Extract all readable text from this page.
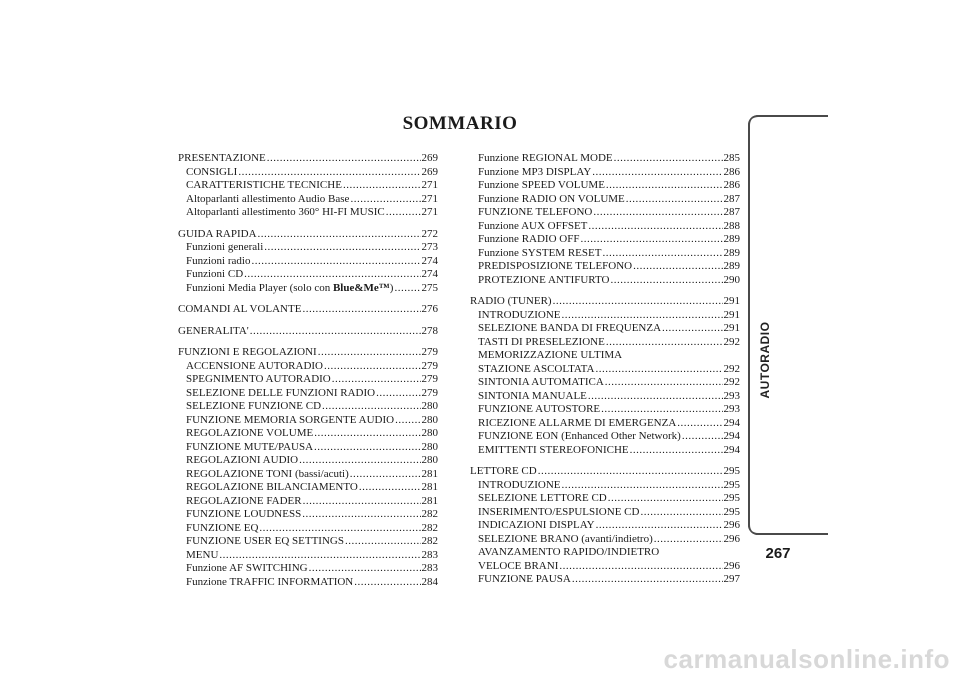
SOMMARIO
PRESENTAZIONE .....	269
CONSIGLI .....	269
CARATTERISTICHE TECNICHE .....	271
Altoparlanti allestimento Audio Base .....	271
Altoparlanti allestimento 360° HI-FI MUSIC .....	271
GUIDA RAPIDA .....	272
Funzioni generali .....	273
Funzioni radio .....	274
Funzioni CD .....	274
Funzioni Media Player (solo con Blue&Me™) .....	275
COMANDI AL VOLANTE .....	276
GENERALITA' .....	278
FUNZIONI E REGOLAZIONI .....	279
ACCENSIONE AUTORADIO .....	279
SPEGNIMENTO AUTORADIO .....	279
SELEZIONE DELLE FUNZIONI RADIO .....	279
SELEZIONE FUNZIONE CD .....	280
FUNZIONE MEMORIA SORGENTE AUDIO ..... 280
REGOLAZIONE VOLUME .....	280
FUNZIONE MUTE/PAUSA .....	280
REGOLAZIONI AUDIO .....	280
REGOLAZIONE TONI (bassi/acuti) .....	281
REGOLAZIONE BILANCIAMENTO .....	281
REGOLAZIONE FADER .....	281
FUNZIONE LOUDNESS .....	282
FUNZIONE EQ .....	282
FUNZIONE USER EQ SETTINGS .....	282
MENU .....	283
Funzione AF SWITCHING .....	283
Funzione TRAFFIC INFORMATION .....	284
Funzione REGIONAL MODE .....	285
Funzione MP3 DISPLAY .....	286
Funzione SPEED VOLUME .....	286
Funzione RADIO ON VOLUME .....	287
FUNZIONE TELEFONO .....	287
Funzione AUX OFFSET .....	288
Funzione RADIO OFF .....	289
Funzione SYSTEM RESET .....	289
PREDISPOSIZIONE TELEFONO .....	289
PROTEZIONE ANTIFURTO .....	290
RADIO (TUNER) .....	291
INTRODUZIONE .....	291
SELEZIONE BANDA DI FREQUENZA .....	291
TASTI DI PRESELEZIONE .....	292
MEMORIZZAZIONE ULTIMA
STAZIONE ASCOLTATA .....	292
SINTONIA AUTOMATICA .....	292
SINTONIA MANUALE .....	293
FUNZIONE AUTOSTORE .....	293
RICEZIONE ALLARME DI EMERGENZA .....	294
FUNZIONE EON (Enhanced Other Network) .....	294
EMITTENTI STEREOFONICHE .....	294
LETTORE CD .....	295
INTRODUZIONE .....	295
SELEZIONE LETTORE CD .....	295
INSERIMENTO/ESPULSIONE CD .....	295
INDICAZIONI DISPLAY .....	296
SELEZIONE BRANO (avanti/indietro) .....	296
AVANZAMENTO RAPIDO/INDIETRO
VELOCE BRANI .....	296
FUNZIONE PAUSA .....	297
AUTORADIO
267
carmanualsonline.info
